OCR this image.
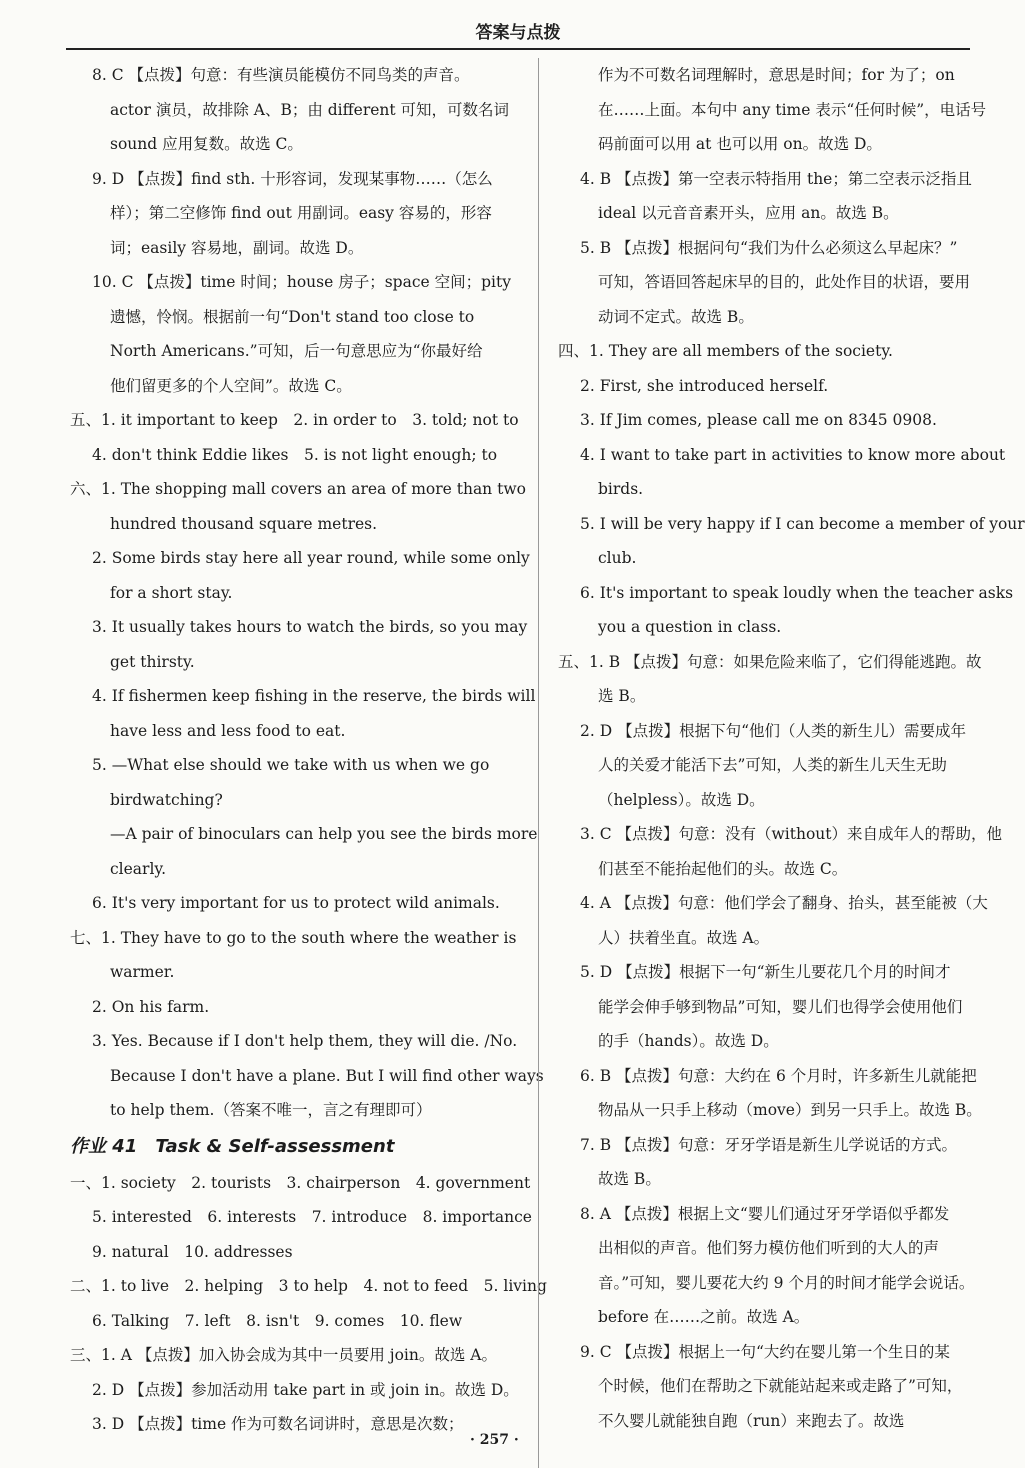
答案与点拨
8. C 【点拨】句意：有些演员能模仿不同鸟类的声音。
actor 演员，故排除 A、B；由 different 可知，可数名词
sound 应用复数。故选 C。
9. D 【点拨】find sth. 十形容词，发现某事物……（怎么
样）；第二空修饰 find out 用副词。easy 容易的，形容
词；easily 容易地，副词。故选 D。
10. C 【点拨】time 时间；house 房子；space 空间；pity
遗憾，怜悯。根据前一句“Don't stand too close to
North Americans.”可知，后一句意思应为“你最好给
他们留更多的个人空间”。故选 C。
五、1. it important to keep　2. in order to　3. told; not to
4. don't think Eddie likes　5. is not light enough; to
六、1. The shopping mall covers an area of more than two
hundred thousand square metres.
2. Some birds stay here all year round, while some only
for a short stay.
3. It usually takes hours to watch the birds, so you may
get thirsty.
4. If fishermen keep fishing in the reserve, the birds will
have less and less food to eat.
5. —What else should we take with us when we go
birdwatching?
—A pair of binoculars can help you see the birds more
clearly.
6. It's very important for us to protect wild animals.
七、1. They have to go to the south where the weather is
warmer.
2. On his farm.
3. Yes. Because if I don't help them, they will die. /No.
Because I don't have a plane. But I will find other ways
to help them.（答案不唯一，言之有理即可）
作业 41　Task & Self-assessment
一、1. society　2. tourists　3. chairperson　4. government
5. interested　6. interests　7. introduce　8. importance
9. natural　10. addresses
二、1. to live　2. helping　3 to help　4. not to feed　5. living
6. Talking　7. left　8. isn't　9. comes　10. flew
三、1. A 【点拨】加入协会成为其中一员要用 join。故选 A。
2. D 【点拨】参加活动用 take part in 或 join in。故选 D。
3. D 【点拨】time 作为可数名词讲时，意思是次数；
作为不可数名词理解时，意思是时间；for 为了；on
在……上面。本句中 any time 表示“任何时候”，电话号
码前面可以用 at 也可以用 on。故选 D。
4. B 【点拨】第一空表示特指用 the；第二空表示泛指且
ideal 以元音音素开头，应用 an。故选 B。
5. B 【点拨】根据问句“我们为什么必须这么早起床？”
可知，答语回答起床早的目的，此处作目的状语，要用
动词不定式。故选 B。
四、1. They are all members of the society.
2. First, she introduced herself.
3. If Jim comes, please call me on 8345 0908.
4. I want to take part in activities to know more about
birds.
5. I will be very happy if I can become a member of your
club.
6. It's important to speak loudly when the teacher asks
you a question in class.
五、1. B 【点拨】句意：如果危险来临了，它们得能逃跑。故
选 B。
2. D 【点拨】根据下句“他们（人类的新生儿）需要成年
人的关爱才能活下去”可知，人类的新生儿天生无助
（helpless）。故选 D。
3. C 【点拨】句意：没有（without）来自成年人的帮助，他
们甚至不能抬起他们的头。故选 C。
4. A 【点拨】句意：他们学会了翻身、抬头，甚至能被（大
人）扶着坐直。故选 A。
5. D 【点拨】根据下一句“新生儿要花几个月的时间才
能学会伸手够到物品”可知，婴儿们也得学会使用他们
的手（hands）。故选 D。
6. B 【点拨】句意：大约在 6 个月时，许多新生儿就能把
物品从一只手上移动（move）到另一只手上。故选 B。
7. B 【点拨】句意：牙牙学语是新生儿学说话的方式。
故选 B。
8. A 【点拨】根据上文“婴儿们通过牙牙学语似乎都发
出相似的声音。他们努力模仿他们听到的大人的声
音。”可知，婴儿要花大约 9 个月的时间才能学会说话。
before 在……之前。故选 A。
9. C 【点拨】根据上一句“大约在婴儿第一个生日的某
个时候，他们在帮助之下就能站起来或走路了”可知，
不久婴儿就能独自跑（run）来跑去了。故选
· 257 ·
